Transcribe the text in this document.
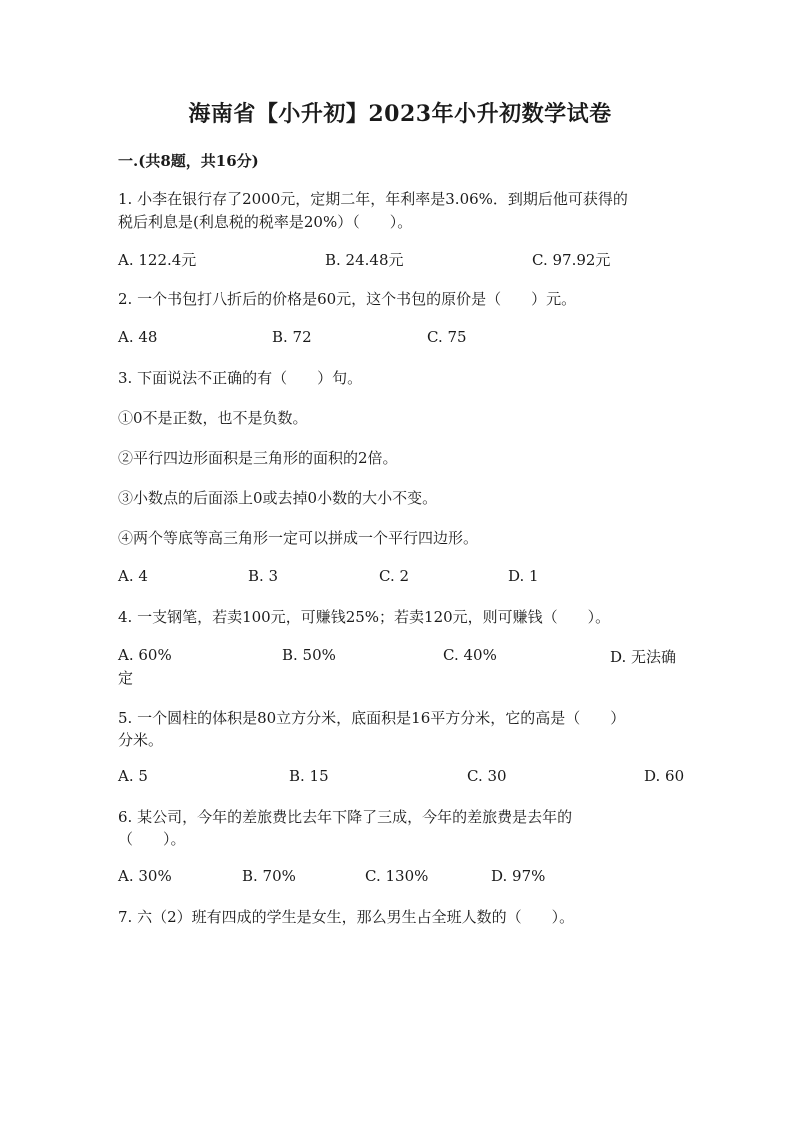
海南省【小升初】2023年小升初数学试卷
一.(共8题，共16分)
1. 小李在银行存了2000元，定期二年，年利率是3.06%．到期后他可获得的
税后利息是(利息税的税率是20%）（　　）。
A. 122.4元	B. 24.48元	C. 97.92元
2. 一个书包打八折后的价格是60元，这个书包的原价是（　　）元。
A. 48	B. 72	C. 75
3. 下面说法不正确的有（　　）句。
①0不是正数，也不是负数。
②平行四边形面积是三角形的面积的2倍。
③小数点的后面添上0或去掉0小数的大小不变。
④两个等底等高三角形一定可以拼成一个平行四边形。
A. 4	B. 3	C. 2	D. 1
4. 一支钢笔，若卖100元，可赚钱25%；若卖120元，则可赚钱（　　）。
A. 60%	B. 50%	C. 40%	D. 无法确
定
5. 一个圆柱的体积是80立方分米，底面积是16平方分米，它的高是（　　）
分米。
A. 5	B. 15	C. 30	D. 60
6. 某公司，今年的差旅费比去年下降了三成，今年的差旅费是去年的
（　　）。
A. 30%	B. 70%	C. 130%	D. 97%
7. 六（2）班有四成的学生是女生，那么男生占全班人数的（　　）。
